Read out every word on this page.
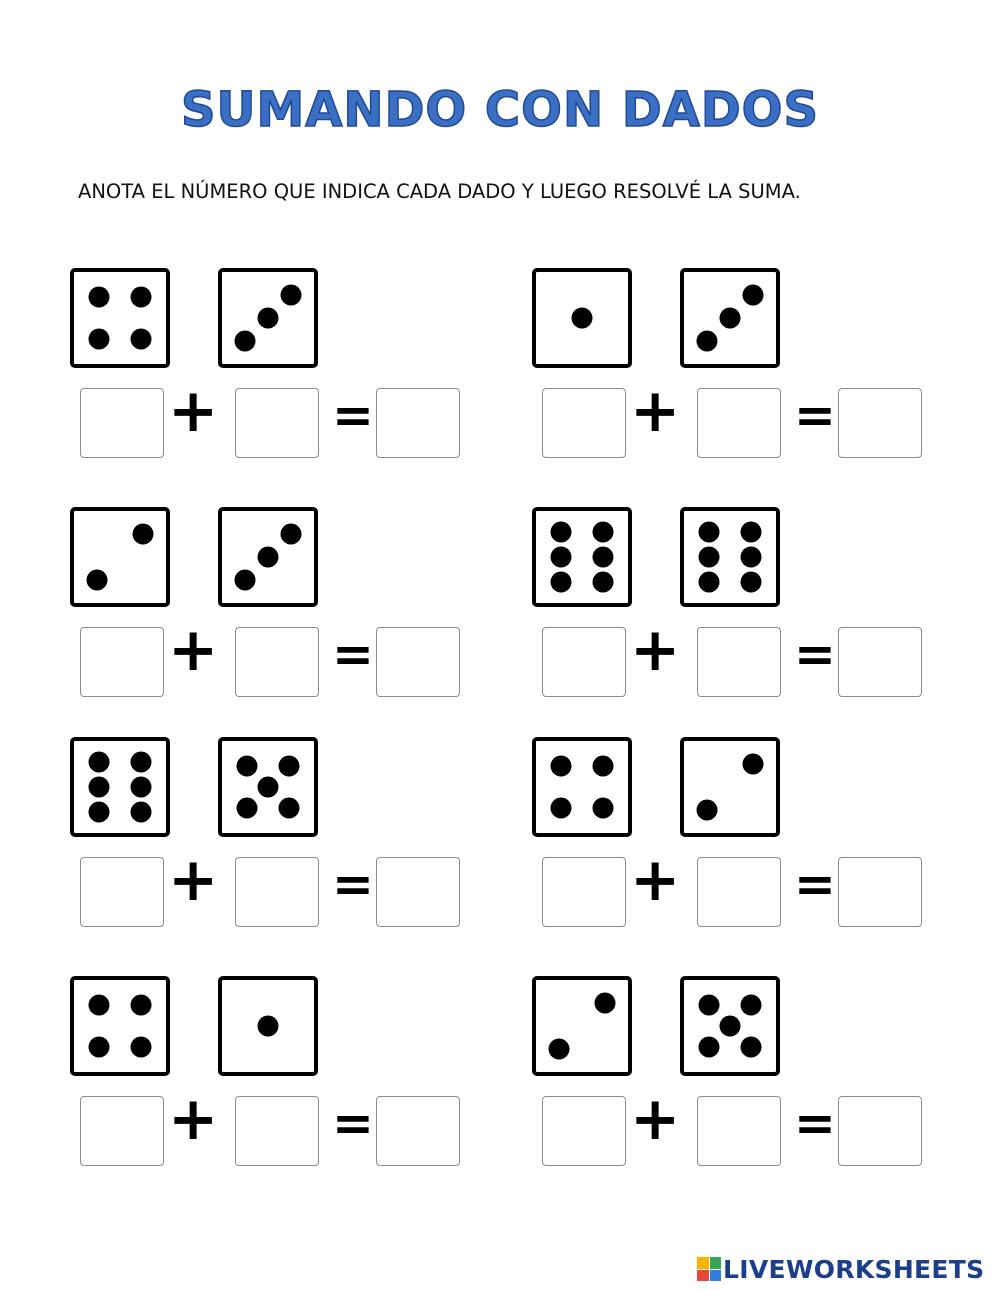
SUMANDO CON DADOS
ANOTA EL NÚMERO QUE INDICA CADA DADO Y LUEGO RESOLVÉ LA SUMA.
+ =	+ =
+ =	+ =
+ =	+ =
+ =	+ =
LIVEWORKSHEETS
